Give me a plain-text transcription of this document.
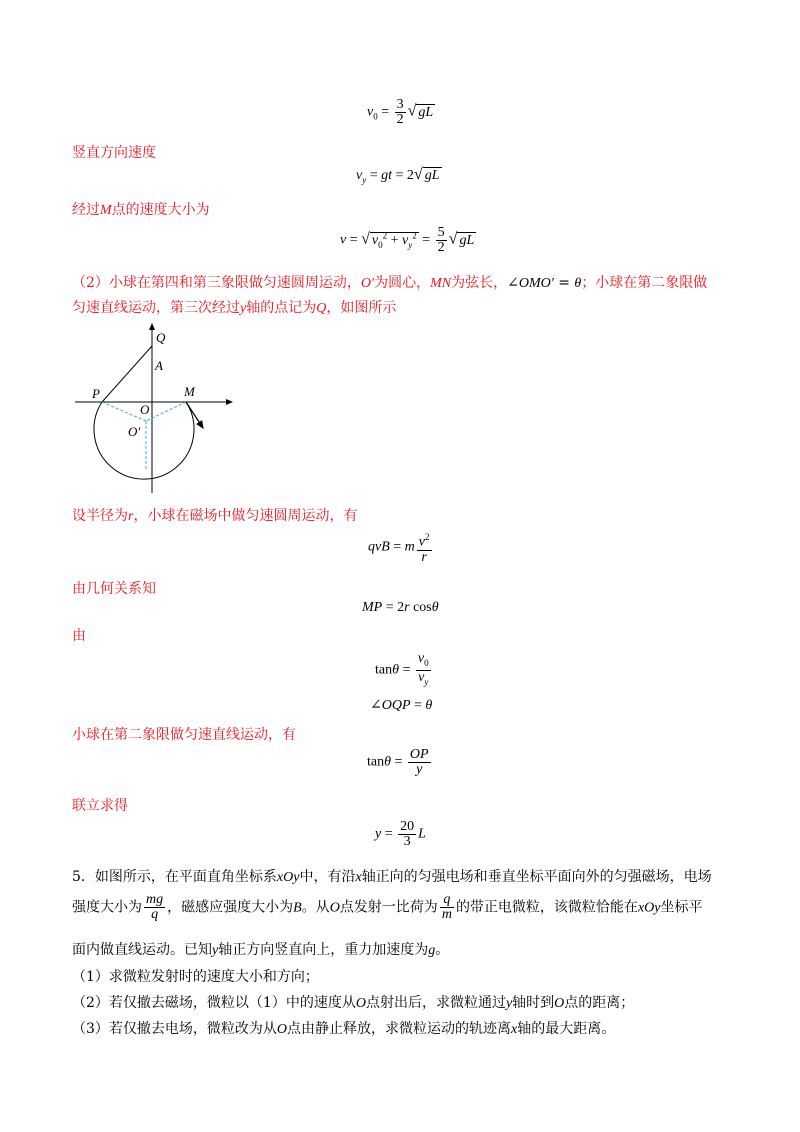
$v_0 = \frac{3}{2}$ √ gL
竖直方向速度
$v_y$ = gt = 2√ gL
经过M点的速度大小为
v = √ $v_0^2 + v_y^2 = \frac{5}{2}$ √ gL
（2）小球在第四和第三象限做匀速圆周运动，O′为圆心，MN为弦长，∠OMO′ = θ；小球在第二象限做
匀速直线运动，第三次经过y轴的点记为Q，如图所示
Q
A
P
O
M
O′
设半径为r，小球在磁场中做匀速圆周运动，有
qvB = m $\frac{v^2}{r}$
由几何关系知
MP = 2r cosθ
由
$\tan\theta = \frac{v_0}{v_y}$
∠OQP = θ
小球在第二象限做匀速直线运动，有
$\tan\theta = \frac{OP}{y}$
联立求得
$y = \frac{20}{3}$ L
5．如图所示，在平面直角坐标系xOy中，有沿x轴正向的匀强电场和垂直坐标平面向外的匀强磁场，电场
强度大小为 $\frac{mg}{q}$ ，磁感应强度大小为B。从O点发射一比荷为 $\frac{q}{m}$ 的带正电微粒，该微粒恰能在xOy坐标平
面内做直线运动。已知y轴正方向竖直向上，重力加速度为g。
（1）求微粒发射时的速度大小和方向；
（2）若仅撤去磁场，微粒以（1）中的速度从O点射出后，求微粒通过y轴时到O点的距离；
（3）若仅撤去电场，微粒改为从O点由静止释放，求微粒运动的轨迹离x轴的最大距离。
